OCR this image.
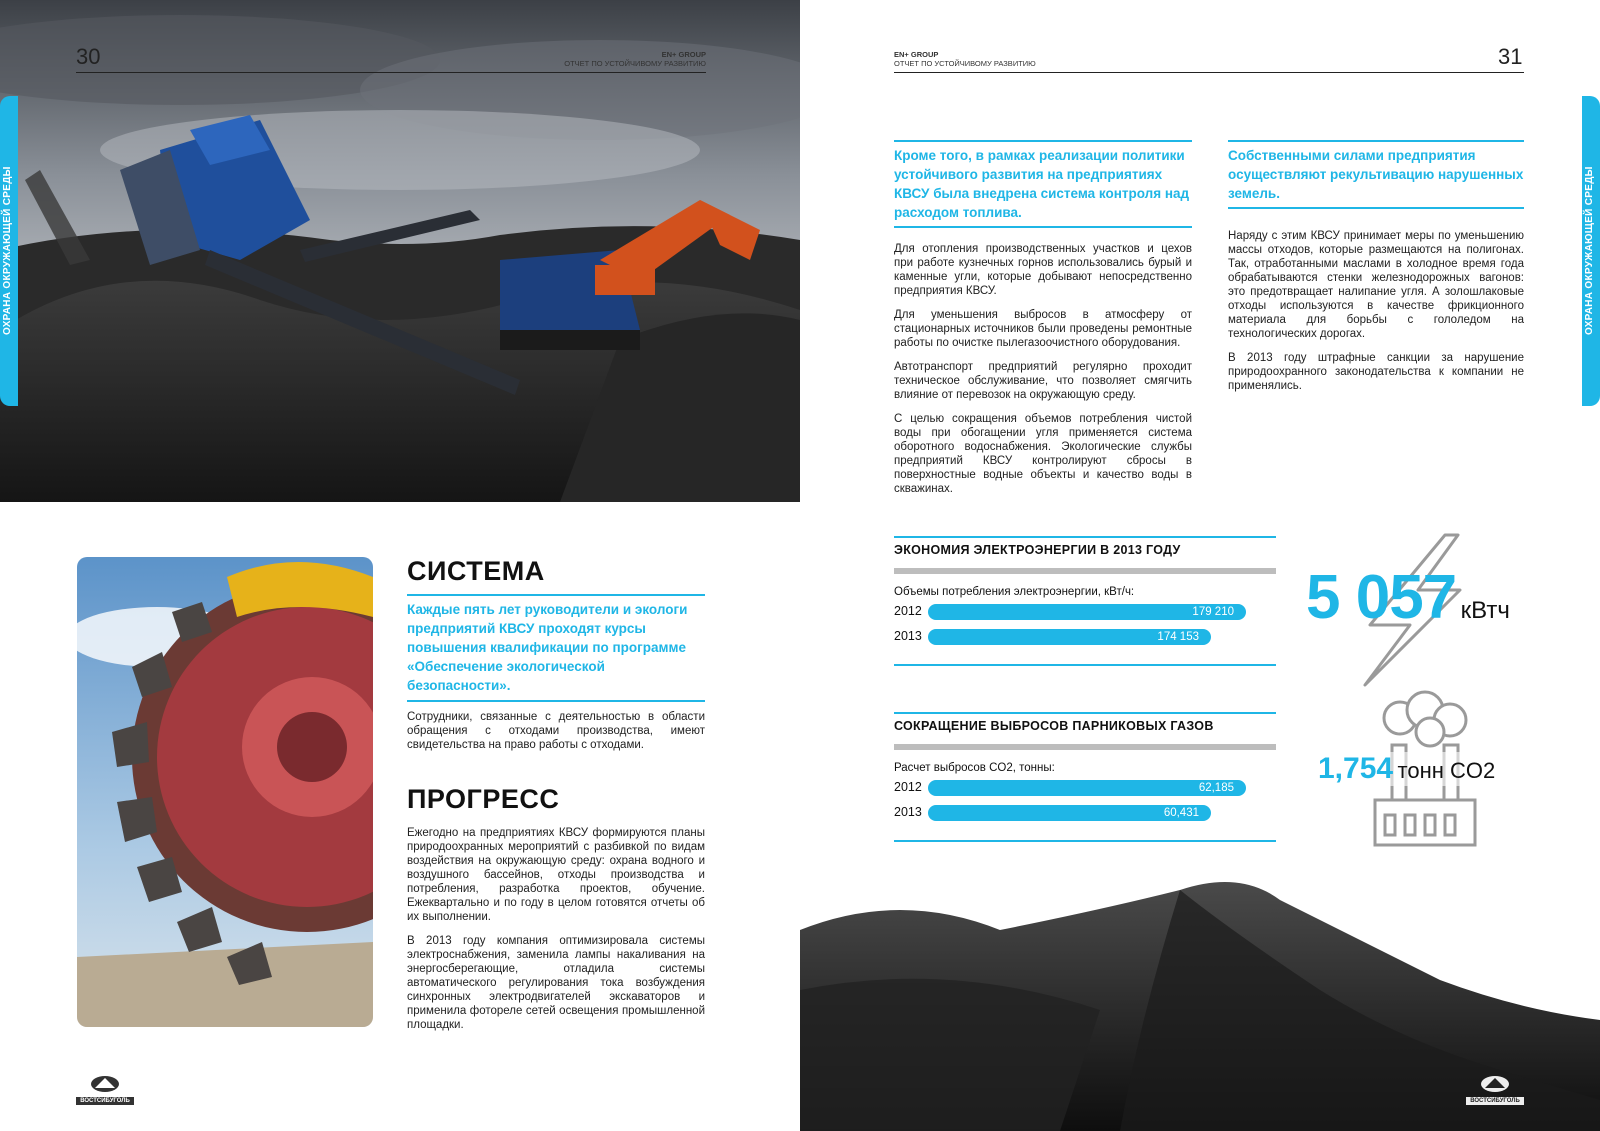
30	EN+ GROUP
ОТЧЕТ ПО УСТОЙЧИВОМУ РАЗВИТИЮ
ОХРАНА ОКРУЖАЮЩЕЙ СРЕДЫ
СИСТЕМА
Каждые пять лет руководители и экологи предприятий КВСУ проходят курсы повышения квалификации по программе «Обеспечение экологической безопасности».
Сотрудники, связанные с деятельностью в области обращения с отходами производства, имеют свидетельства на право работы с отходами.
ПРОГРЕСС

Ежегодно на предприятиях КВСУ формируются планы природоохранных мероприятий с разбивкой по видам воздействия на окружающую среду: охрана водного и воздушного бассейнов, отходы производства и потребления, разработка проектов, обучение. Ежеквартально и по году в целом готовятся отчеты об их выполнении.

В 2013 году компания оптимизировала системы электроснабжения, заменила лампы накаливания на энергосберегающие, отладила системы автоматического регулирования тока возбуждения синхронных электродвигателей экскаваторов и применила фотореле сетей освещения промышленной площадки.

ВОСТСИБУГОЛЬ
EN+ GROUP
ОТЧЕТ ПО УСТОЙЧИВОМУ РАЗВИТИЮ	31
ОХРАНА ОКРУЖАЮЩЕЙ СРЕДЫ
Кроме того, в рамках реализации политики устойчивого развития на предприятиях КВСУ была внедрена система контроля над расходом топлива.

Для отопления производственных участков и цехов при работе кузнечных горнов использовались бурый и каменные угли, которые добывают непосредственно предприятия КВСУ.

Для уменьшения выбросов в атмосферу от стационарных источников были проведены ремонтные работы по очистке пылегазоочистного оборудования.

Автотранспорт предприятий регулярно проходит техническое обслуживание, что позволяет смягчить влияние от перевозок на окружающую среду.

С целью сокращения объемов потребления чистой воды при обогащении угля применяется система оборотного водоснабжения. Экологические службы предприятий КВСУ контролируют сбросы в поверхностные водные объекты и качество воды в скважинах.

Собственными силами предприятия осуществляют рекультивацию нарушенных земель.

Наряду с этим КВСУ принимает меры по уменьшению массы отходов, которые размещаются на полигонах. Так, отработанными маслами в холодное время года обрабатываются стенки железнодорожных вагонов: это предотвращает налипание угля. А золошлаковые отходы используются в качестве фрикционного материала для борьбы с гололедом на технологических дорогах.

В 2013 году штрафные санкции за нарушение природоохранного законодательства к компании не применялись.

ЭКОНОМИЯ ЭЛЕКТРОЭНЕРГИИ В 2013 ГОДУ
Объемы потребления электроэнергии, кВт/ч:
2012	179 210
2013	174 153
СОКРАЩЕНИЕ ВЫБРОСОВ ПАРНИКОВЫХ ГАЗОВ
Расчет выбросов CO2, тонны:
2012	62,185
2013	60,431
5 057 кВтч
1,754 тонн CO2
ВОСТСИБУГОЛЬ
